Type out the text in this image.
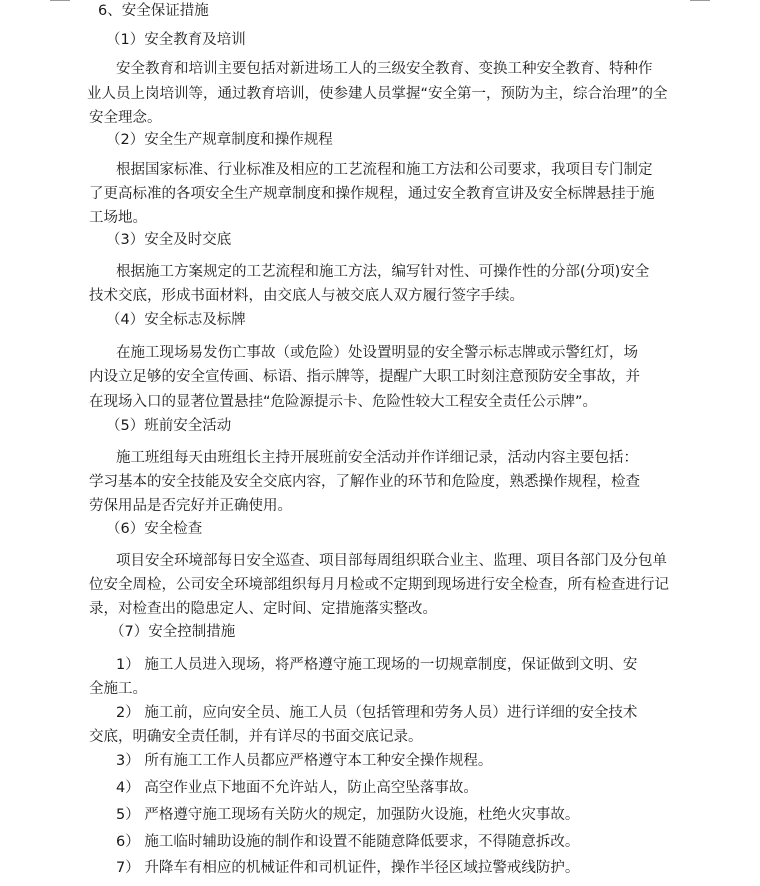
6、安全保证措施

（1）安全教育及培训

安全教育和培训主要包括对新进场工人的三级安全教育、变换工种安全教育、特种作

业人员上岗培训等，通过教育培训，使参建人员掌握“安全第一，预防为主，综合治理”的全

安全理念。

（2）安全生产规章制度和操作规程

根据国家标准、行业标准及相应的工艺流程和施工方法和公司要求，我项目专门制定

了更高标准的各项安全生产规章制度和操作规程，通过安全教育宣讲及安全标牌悬挂于施

工场地。

（3）安全及时交底

根据施工方案规定的工艺流程和施工方法，编写针对性、可操作性的分部(分项)安全

技术交底，形成书面材料，由交底人与被交底人双方履行签字手续。

（4）安全标志及标牌

在施工现场易发伤亡事故（或危险）处设置明显的安全警示标志牌或示警红灯，场

内设立足够的安全宣传画、标语、指示牌等，提醒广大职工时刻注意预防安全事故，并

在现场入口的显著位置悬挂“危险源提示卡、危险性较大工程安全责任公示牌”。

（5）班前安全活动

施工班组每天由班组长主持开展班前安全活动并作详细记录，活动内容主要包括：

学习基本的安全技能及安全交底内容，了解作业的环节和危险度，熟悉操作规程，检查

劳保用品是否完好并正确使用。

（6）安全检查

项目安全环境部每日安全巡查、项目部每周组织联合业主、监理、项目各部门及分包单

位安全周检，公司安全环境部组织每月月检或不定期到现场进行安全检查，所有检查进行记

录，对检查出的隐患定人、定时间、定措施落实整改。

（7）安全控制措施

1） 施工人员进入现场，将严格遵守施工现场的一切规章制度，保证做到文明、安

全施工。

2） 施工前，应向安全员、施工人员（包括管理和劳务人员）进行详细的安全技术

交底，明确安全责任制，并有详尽的书面交底记录。

3） 所有施工工作人员都应严格遵守本工种安全操作规程。

4） 高空作业点下地面不允许站人，防止高空坠落事故。

5） 严格遵守施工现场有关防火的规定，加强防火设施，杜绝火灾事故。

6） 施工临时辅助设施的制作和设置不能随意降低要求，不得随意拆改。

7） 升降车有相应的机械证件和司机证件，操作半径区域拉警戒线防护。
